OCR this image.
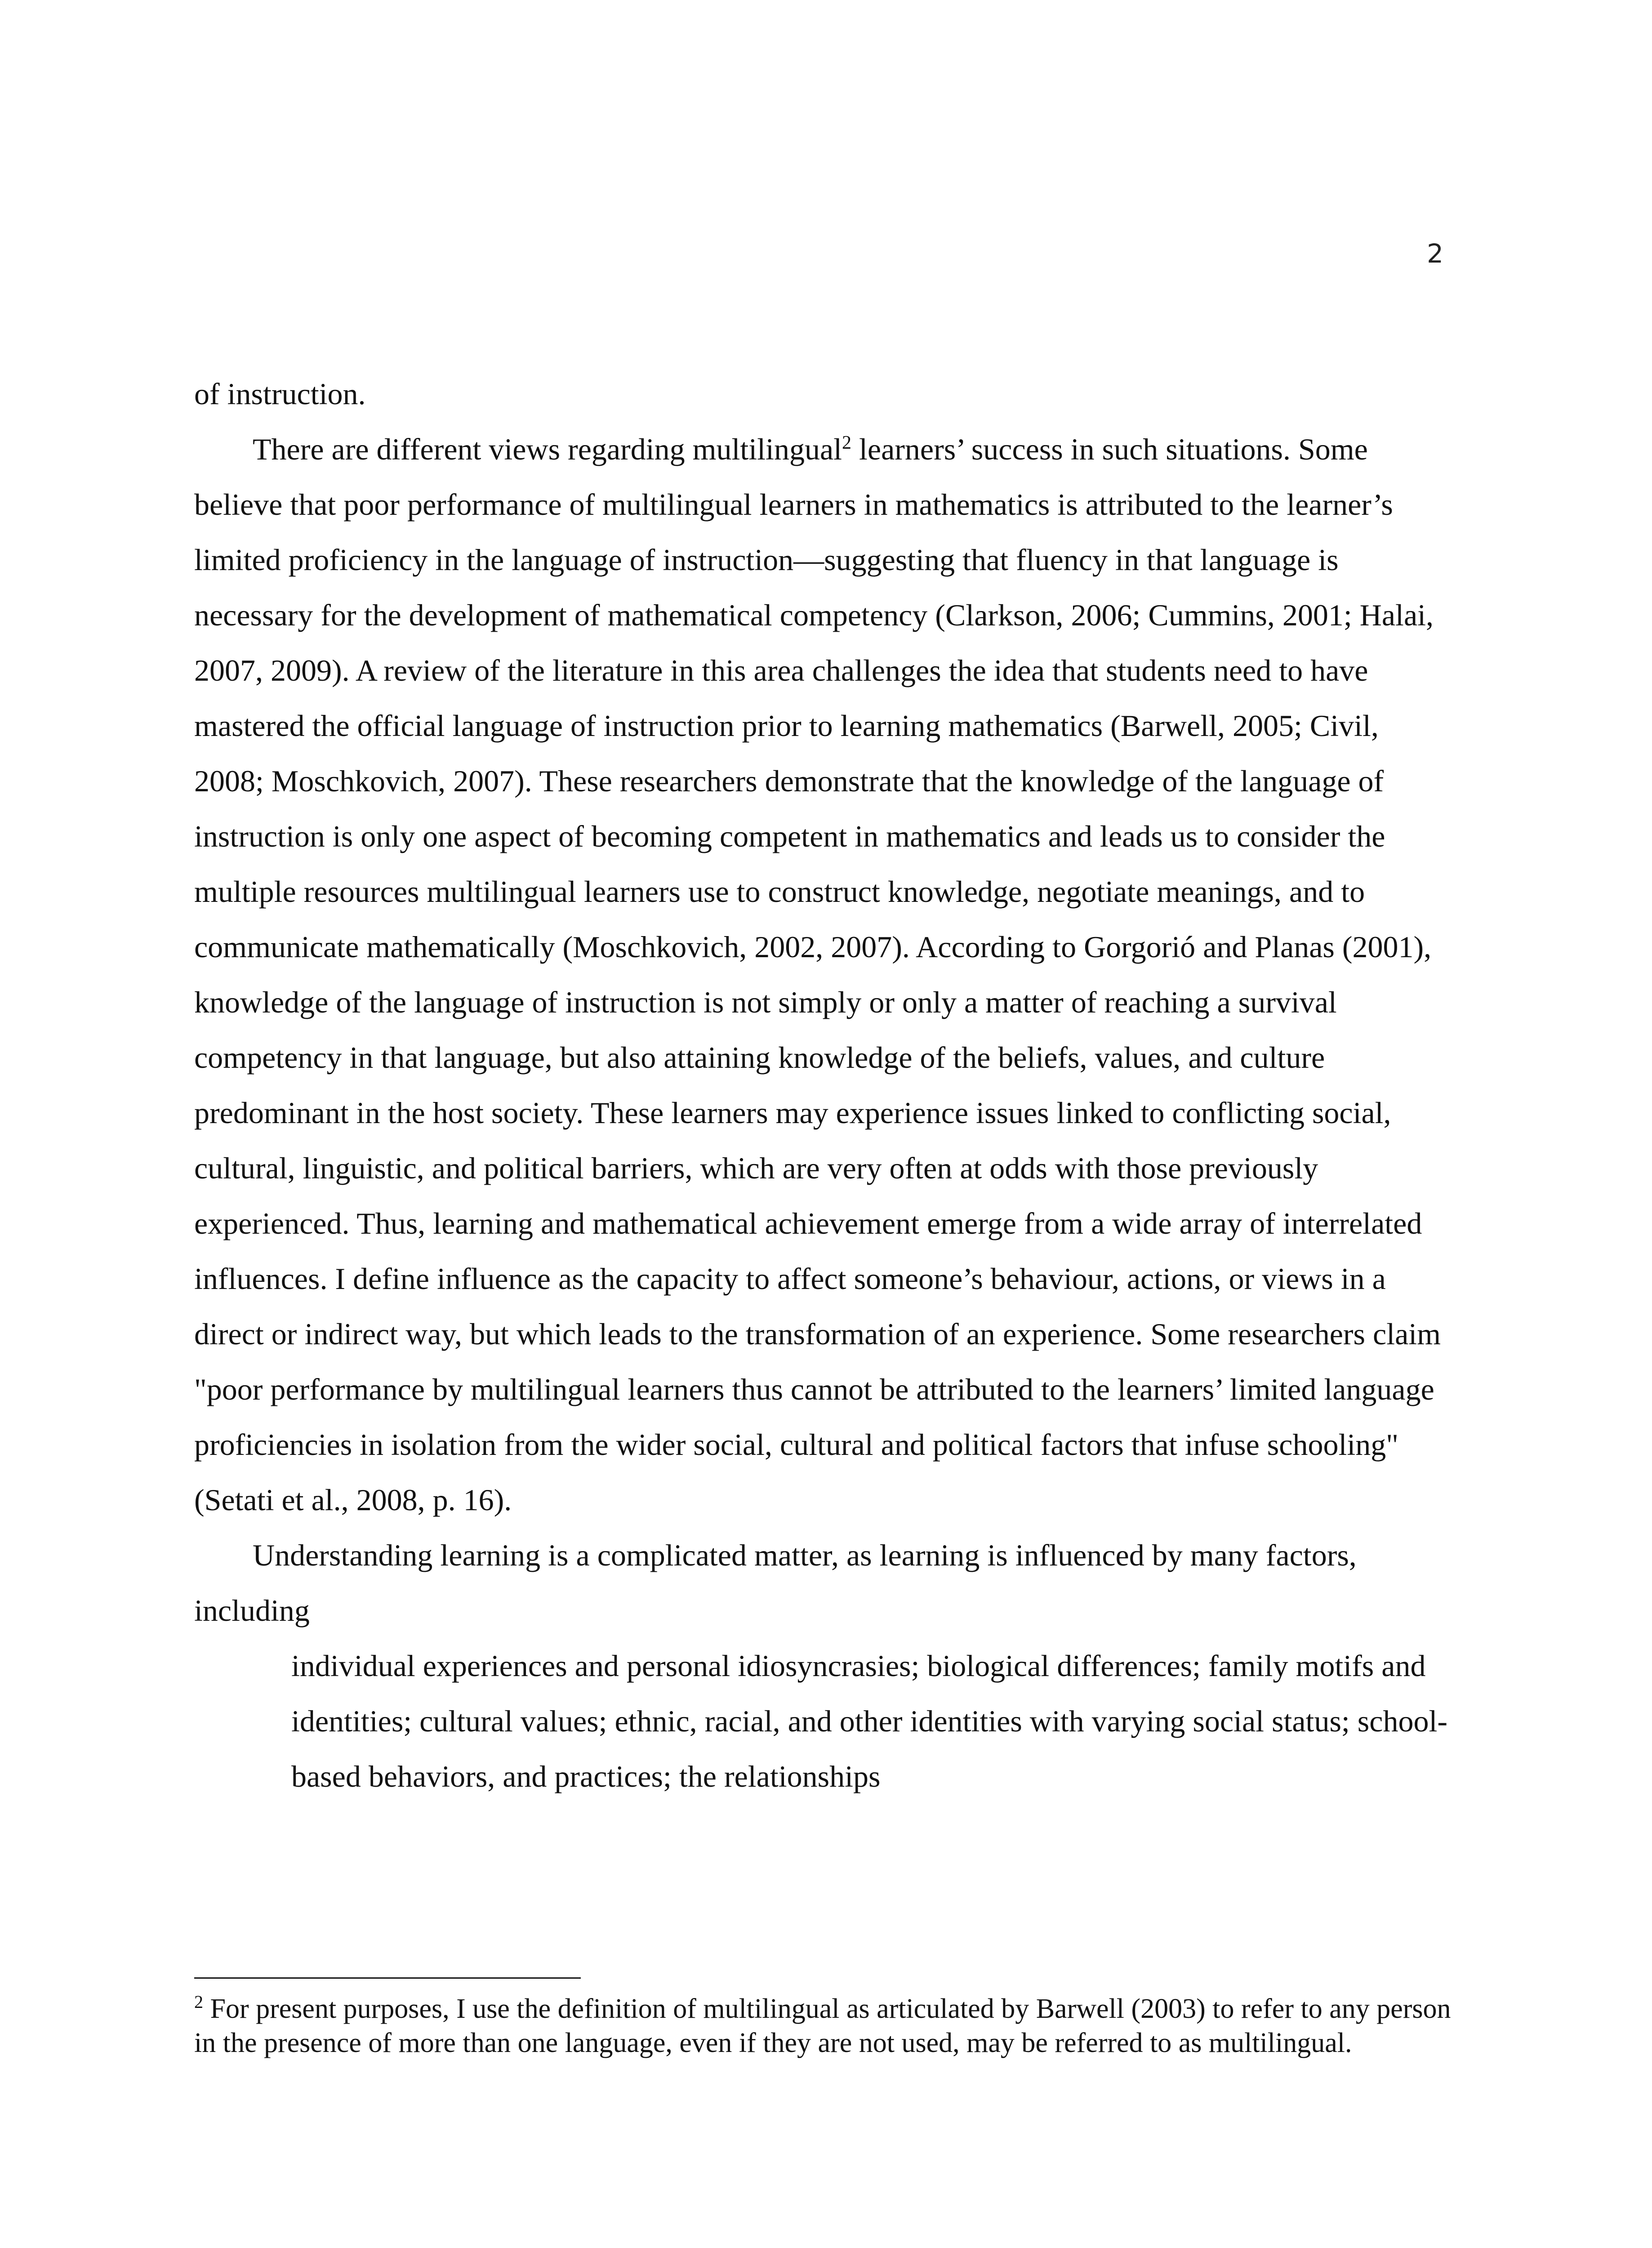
2

of instruction.

There are different views regarding multilingual$^2$ learners’ success in such situations. Some believe that poor performance of multilingual learners in mathematics is attributed to the learner’s limited proficiency in the language of instruction—suggesting that fluency in that language is necessary for the development of mathematical competency (Clarkson, 2006; Cummins, 2001; Halai, 2007, 2009). A review of the literature in this area challenges the idea that students need to have mastered the official language of instruction prior to learning mathematics (Barwell, 2005; Civil, 2008; Moschkovich, 2007). These researchers demonstrate that the knowledge of the language of instruction is only one aspect of becoming competent in mathematics and leads us to consider the multiple resources multilingual learners use to construct knowledge, negotiate meanings, and to communicate mathematically (Moschkovich, 2002, 2007). According to Gorgorió and Planas (2001), knowledge of the language of instruction is not simply or only a matter of reaching a survival competency in that language, but also attaining knowledge of the beliefs, values, and culture predominant in the host society. These learners may experience issues linked to conflicting social, cultural, linguistic, and political barriers, which are very often at odds with those previously experienced. Thus, learning and mathematical achievement emerge from a wide array of interrelated influences. I define influence as the capacity to affect someone’s behaviour, actions, or views in a direct or indirect way, but which leads to the transformation of an experience. Some researchers claim "poor performance by multilingual learners thus cannot be attributed to the learners’ limited language proficiencies in isolation from the wider social, cultural and political factors that infuse schooling" (Setati et al., 2008, p. 16).

Understanding learning is a complicated matter, as learning is influenced by many factors, including

individual experiences and personal idiosyncrasies; biological differences; family motifs and identities; cultural values; ethnic, racial, and other identities with varying social status; school-based behaviors, and practices; the relationships

$^2$ For present purposes, I use the definition of multilingual as articulated by Barwell (2003) to refer to any person in the presence of more than one language, even if they are not used, may be referred to as multilingual.
